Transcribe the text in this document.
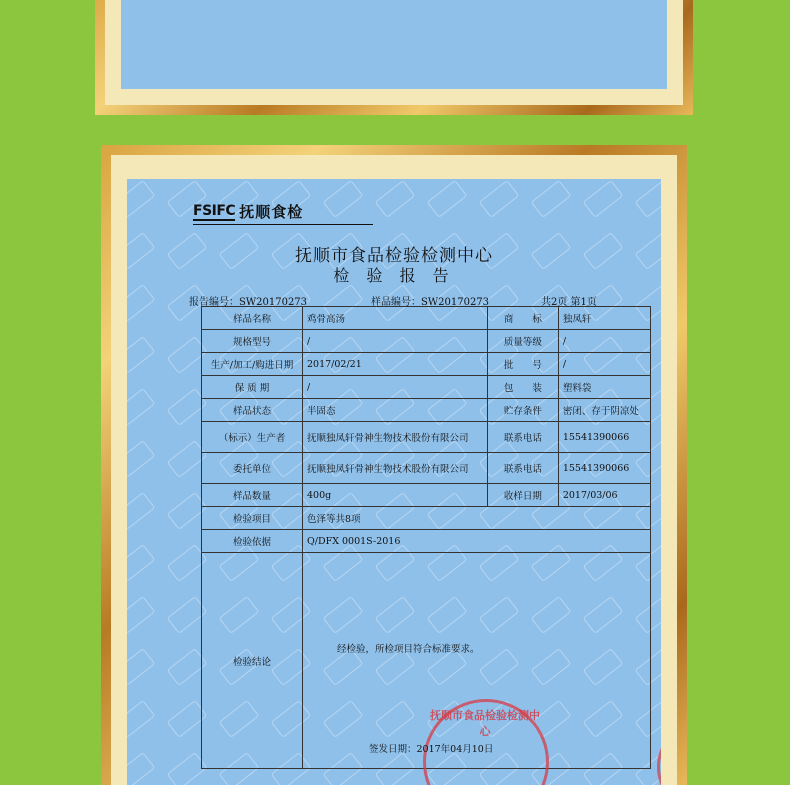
FSIFC 抚顺食检
抚顺市食品检验检测中心
检 验 报 告
报告编号：SW20170273	样品编号：SW20170273	共2页 第1页
样品名称	鸡骨高汤	商　　标	独凤轩
规格型号	/	质量等级	/
生产/加工/购进日期	2017/02/21	批　　号	/
保 质 期	/	包　　装	塑料袋
样品状态	半固态	贮存条件	密闭、存于阴凉处
（标示）生产者	抚顺独凤轩骨神生物技术股份有限公司	联系电话	15541390066
委托单位	抚顺独凤轩骨神生物技术股份有限公司	联系电话	15541390066
样品数量	400g	收样日期	2017/03/06
检验项目	色泽等共8项		
检验依据	Q/DFX 0001S-2016		
检验结论			
经检验，所检项目符合标准要求。
抚顺市食品检验检测中心
签发日期：2017年04月10日
